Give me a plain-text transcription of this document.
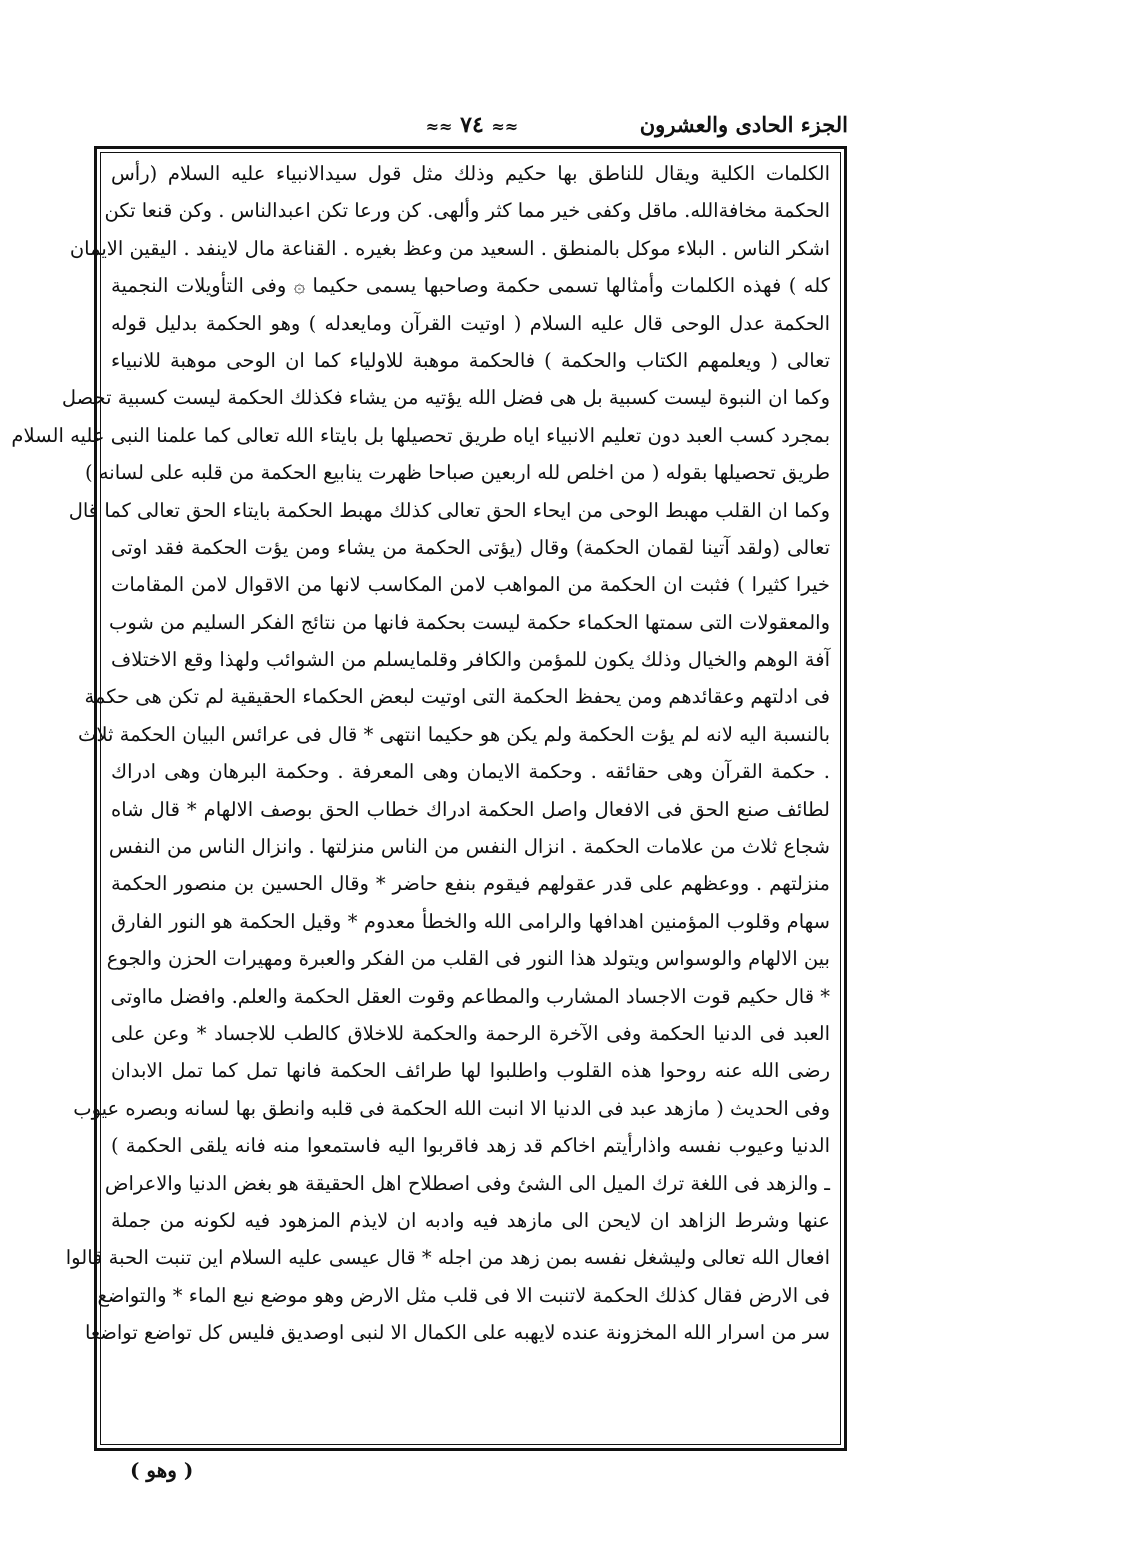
الجزء الحادى والعشرون
≈≈ ٧٤ ≈≈
الكلمات الكلية ويقال للناطق بها حكيم وذلك مثل قول سيدالانبياء عليه السلام (رأس
الحكمة مخافةالله. ماقل وكفى خير مما كثر وألهى. كن ورعا تكن اعبدالناس . وكن قنعا تكن
اشكر الناس . البلاء موكل بالمنطق . السعيد من وعظ بغيره . القناعة مال لاينفد . اليقين الايمان
كله ) فهذه الكلمات وأمثالها تسمى حكمة وصاحبها يسمى حكيما ۞ وفى التأويلات النجمية
الحكمة عدل الوحى قال عليه السلام ( اوتيت القرآن ومايعدله ) وهو الحكمة بدليل قوله
تعالى ( ويعلمهم الكتاب والحكمة ) فالحكمة موهبة للاولياء كما ان الوحى موهبة للانبياء
وكما ان النبوة ليست كسبية بل هى فضل الله يؤتيه من يشاء فكذلك الحكمة ليست كسبية تحصل
بمجرد كسب العبد دون تعليم الانبياء اياه طريق تحصيلها بل بايتاء الله تعالى كما علمنا النبى عليه السلام
طريق تحصيلها بقوله ( من اخلص لله اربعين صباحا ظهرت ينابيع الحكمة من قلبه على لسانه )
وكما ان القلب مهبط الوحى من ايحاء الحق تعالى كذلك مهبط الحكمة بايتاء الحق تعالى كما قال
تعالى (ولقد آتينا لقمان الحكمة) وقال (يؤتى الحكمة من يشاء ومن يؤت الحكمة فقد اوتى
خيرا كثيرا ) فثبت ان الحكمة من المواهب لامن المكاسب لانها من الاقوال لامن المقامات
والمعقولات التى سمتها الحكماء حكمة ليست بحكمة فانها من نتائج الفكر السليم من شوب
آفة الوهم والخيال وذلك يكون للمؤمن والكافر وقلمايسلم من الشوائب ولهذا وقع الاختلاف
فى ادلتهم وعقائدهم ومن يحفظ الحكمة التى اوتيت لبعض الحكماء الحقيقية لم تكن هى حكمة
بالنسبة اليه لانه لم يؤت الحكمة ولم يكن هو حكيما انتهى * قال فى عرائس البيان الحكمة ثلاث
. حكمة القرآن وهى حقائقه . وحكمة الايمان وهى المعرفة . وحكمة البرهان وهى ادراك
لطائف صنع الحق فى الافعال واصل الحكمة ادراك خطاب الحق بوصف الالهام * قال شاه
شجاع ثلاث من علامات الحكمة . انزال النفس من الناس منزلتها . وانزال الناس من النفس
منزلتهم . ووعظهم على قدر عقولهم فيقوم بنفع حاضر * وقال الحسين بن منصور الحكمة
سهام وقلوب المؤمنين اهدافها والرامى الله والخطأ معدوم * وقيل الحكمة هو النور الفارق
بين الالهام والوسواس ويتولد هذا النور فى القلب من الفكر والعبرة ومهيرات الحزن والجوع
* قال حكيم قوت الاجساد المشارب والمطاعم وقوت العقل الحكمة والعلم. وافضل مااوتى
العبد فى الدنيا الحكمة وفى الآخرة الرحمة والحكمة للاخلاق كالطب للاجساد * وعن على
رضى الله عنه روحوا هذه القلوب واطلبوا لها طرائف الحكمة فانها تمل كما تمل الابدان
وفى الحديث ( مازهد عبد فى الدنيا الا انبت الله الحكمة فى قلبه وانطق بها لسانه وبصره عيوب
الدنيا وعيوب نفسه واذارأيتم اخاكم قد زهد فاقربوا اليه فاستمعوا منه فانه يلقى الحكمة )
ـ والزهد فى اللغة ترك الميل الى الشئ وفى اصطلاح اهل الحقيقة هو بغض الدنيا والاعراض
عنها وشرط الزاهد ان لايحن الى مازهد فيه وادبه ان لايذم المزهود فيه لكونه من جملة
افعال الله تعالى وليشغل نفسه بمن زهد من اجله * قال عيسى عليه السلام اين تنبت الحبة قالوا
فى الارض فقال كذلك الحكمة لاتنبت الا فى قلب مثل الارض وهو موضع نبع الماء * والتواضع
سر من اسرار الله المخزونة عنده لايهبه على الكمال الا لنبى اوصديق فليس كل تواضع تواضعا
( وهو )
